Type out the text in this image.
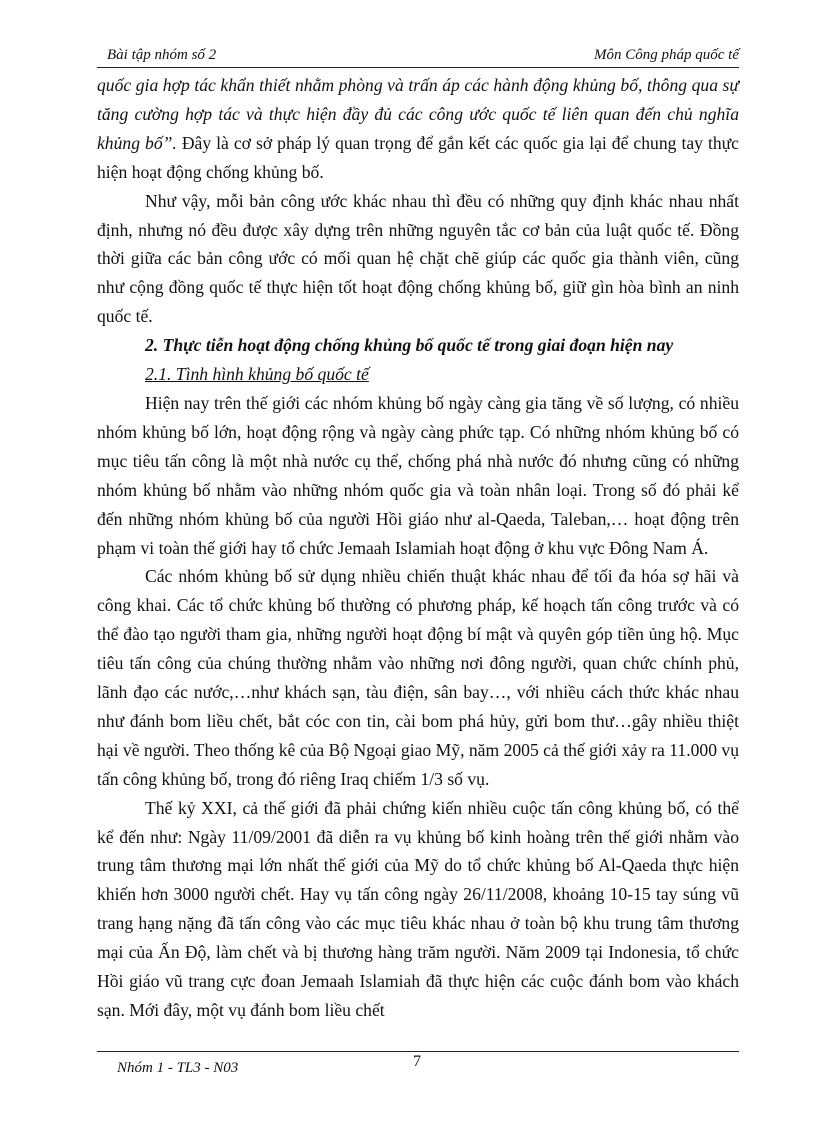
Bài tập nhóm số 2	Môn Công pháp quốc tế

quốc gia hợp tác khẩn thiết nhằm phòng và trấn áp các hành động khủng bố, thông qua sự tăng cường hợp tác và thực hiện đầy đủ các công ước quốc tế liên quan đến chủ nghĩa khủng bố”. Đây là cơ sở pháp lý quan trọng để gắn kết các quốc gia lại để chung tay thực hiện hoạt động chống khủng bố.

Như vậy, mỗi bản công ước khác nhau thì đều có những quy định khác nhau nhất định, nhưng nó đều được xây dựng trên những nguyên tắc cơ bản của luật quốc tế. Đồng thời giữa các bản công ước có mối quan hệ chặt chẽ giúp các quốc gia thành viên, cũng như cộng đồng quốc tế thực hiện tốt hoạt động chống khủng bố, giữ gìn hòa bình an ninh quốc tế.

2. Thực tiễn hoạt động chống khủng bố quốc tế trong giai đoạn hiện nay

2.1. Tình hình khủng bố quốc tế

Hiện nay trên thế giới các nhóm khủng bố ngày càng gia tăng về số lượng, có nhiều nhóm khủng bố lớn, hoạt động rộng và ngày càng phức tạp. Có những nhóm khủng bố có mục tiêu tấn công là một nhà nước cụ thể, chống phá nhà nước đó nhưng cũng có những nhóm khủng bố nhằm vào những nhóm quốc gia và toàn nhân loại. Trong số đó phải kể đến những nhóm khủng bố của người Hồi giáo như al-Qaeda, Taleban,… hoạt động trên phạm vi toàn thế giới hay tổ chức Jemaah Islamiah hoạt động ở khu vực Đông Nam Á.

Các nhóm khủng bố sử dụng nhiều chiến thuật khác nhau để tối đa hóa sợ hãi và công khai. Các tổ chức khủng bố thường có phương pháp, kế hoạch tấn công trước và có thể đào tạo người tham gia, những người hoạt động bí mật và quyên góp tiền ủng hộ. Mục tiêu tấn công của chúng thường nhằm vào những nơi đông người, quan chức chính phủ, lãnh đạo các nước,…như khách sạn, tàu điện, sân bay…, với nhiều cách thức khác nhau như đánh bom liều chết, bắt cóc con tin, cài bom phá hủy, gửi bom thư…gây nhiều thiệt hại về người. Theo thống kê của Bộ Ngoại giao Mỹ, năm 2005 cả thế giới xảy ra 11.000 vụ tấn công khủng bố, trong đó riêng Iraq chiếm 1/3 số vụ.

Thế kỷ XXI, cả thế giới đã phải chứng kiến nhiều cuộc tấn công khủng bố, có thể kể đến như: Ngày 11/09/2001 đã diễn ra vụ khủng bố kinh hoàng trên thế giới nhằm vào trung tâm thương mại lớn nhất thế giới của Mỹ do tổ chức khủng bố Al-Qaeda thực hiện khiến hơn 3000 người chết. Hay vụ tấn công ngày 26/11/2008, khoảng 10-15 tay súng vũ trang hạng nặng đã tấn công vào các mục tiêu khác nhau ở toàn bộ khu trung tâm thương mại của Ấn Độ, làm chết và bị thương hàng trăm người. Năm 2009 tại Indonesia, tổ chức Hồi giáo vũ trang cực đoan Jemaah Islamiah đã thực hiện các cuộc đánh bom vào khách sạn. Mới đây, một vụ đánh bom liều chết

Nhóm 1 - TL3 - N03	7
